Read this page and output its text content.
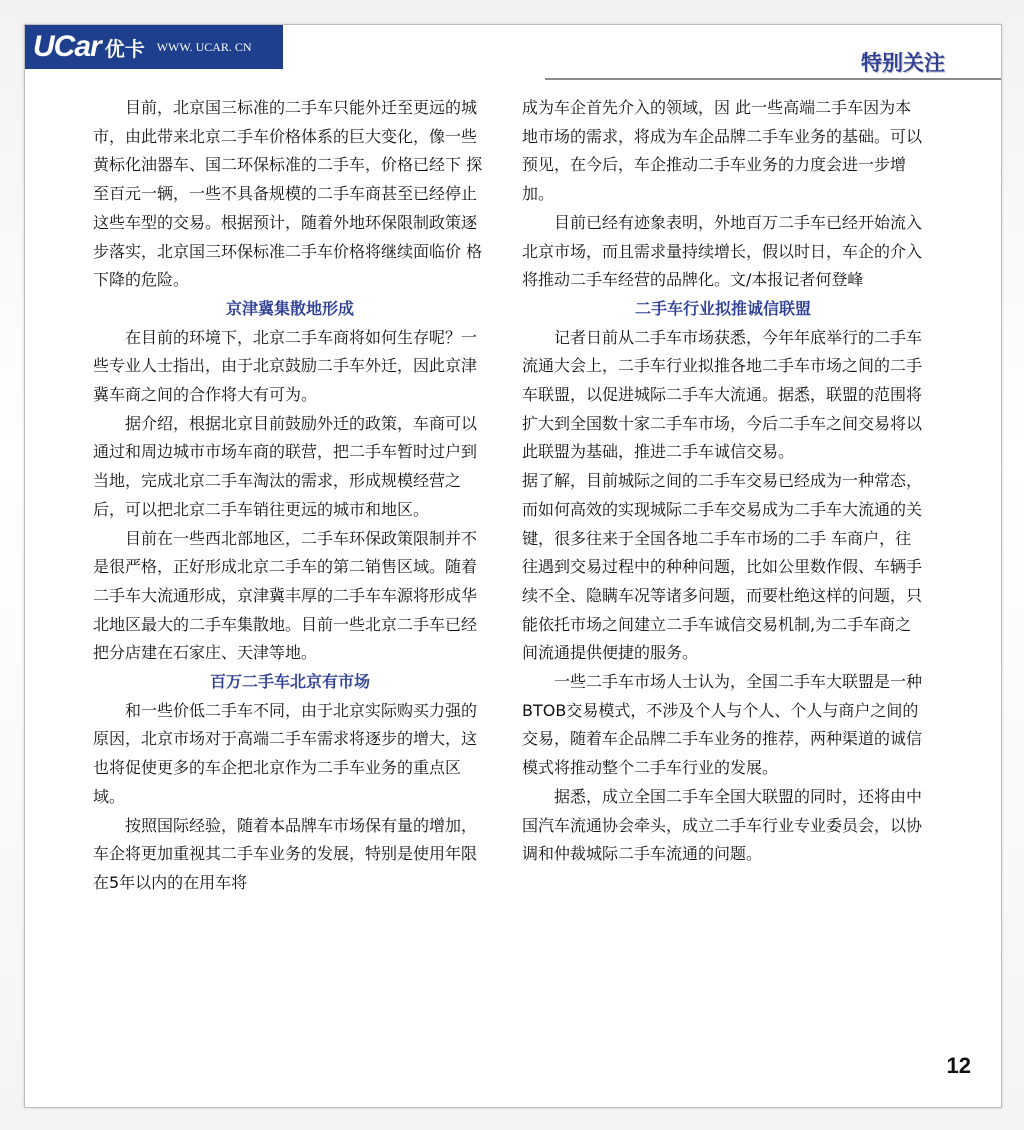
UCar 优卡 WWW. UCAR. CN
特别关注

目前，北京国三标准的二手车只能外迁至更远的城市，由此带来北京二手车价格体系的巨大变化，像一些黄标化油器车、国二环保标准的二手车，价格已经下 探至百元一辆，一些不具备规模的二手车商甚至已经停止这些车型的交易。根据预计，随着外地环保限制政策逐步落实，北京国三环保标准二手车价格将继续面临价 格下降的危险。

京津冀集散地形成

在目前的环境下，北京二手车商将如何生存呢？一些专业人士指出，由于北京鼓励二手车外迁，因此京津冀车商之间的合作将大有可为。

据介绍，根据北京目前鼓励外迁的政策，车商可以通过和周边城市市场车商的联营，把二手车暂时过户到当地，完成北京二手车淘汰的需求，形成规模经营之后，可以把北京二手车销往更远的城市和地区。

目前在一些西北部地区，二手车环保政策限制并不是很严格，正好形成北京二手车的第二销售区域。随着二手车大流通形成，京津冀丰厚的二手车车源将形成华北地区最大的二手车集散地。目前一些北京二手车已经把分店建在石家庄、天津等地。

百万二手车北京有市场

和一些价低二手车不同，由于北京实际购买力强的原因，北京市场对于高端二手车需求将逐步的增大，这也将促使更多的车企把北京作为二手车业务的重点区域。

按照国际经验，随着本品牌车市场保有量的增加，车企将更加重视其二手车业务的发展，特别是使用年限在5年以内的在用车将

成为车企首先介入的领域，因 此一些高端二手车因为本地市场的需求，将成为车企品牌二手车业务的基础。可以预见，在今后，车企推动二手车业务的力度会进一步增加。

目前已经有迹象表明，外地百万二手车已经开始流入北京市场，而且需求量持续增长，假以时日，车企的介入将推动二手车经营的品牌化。文/本报记者何登峰

二手车行业拟推诚信联盟

记者日前从二手车市场获悉，今年年底举行的二手车流通大会上，二手车行业拟推各地二手车市场之间的二手车联盟，以促进城际二手车大流通。据悉，联盟的范围将扩大到全国数十家二手车市场，今后二手车之间交易将以此联盟为基础，推进二手车诚信交易。

据了解，目前城际之间的二手车交易已经成为一种常态，而如何高效的实现城际二手车交易成为二手车大流通的关键，很多往来于全国各地二手车市场的二手 车商户，往往遇到交易过程中的种种问题，比如公里数作假、车辆手续不全、隐瞒车况等诸多问题，而要杜绝这样的问题，只能依托市场之间建立二手车诚信交易机制,为二手车商之间流通提供便捷的服务。

一些二手车市场人士认为，全国二手车大联盟是一种BTOB交易模式，不涉及个人与个人、个人与商户之间的交易，随着车企品牌二手车业务的推荐，两种渠道的诚信模式将推动整个二手车行业的发展。

据悉，成立全国二手车全国大联盟的同时，还将由中国汽车流通协会牵头，成立二手车行业专业委员会，以协调和仲裁城际二手车流通的问题。

12
